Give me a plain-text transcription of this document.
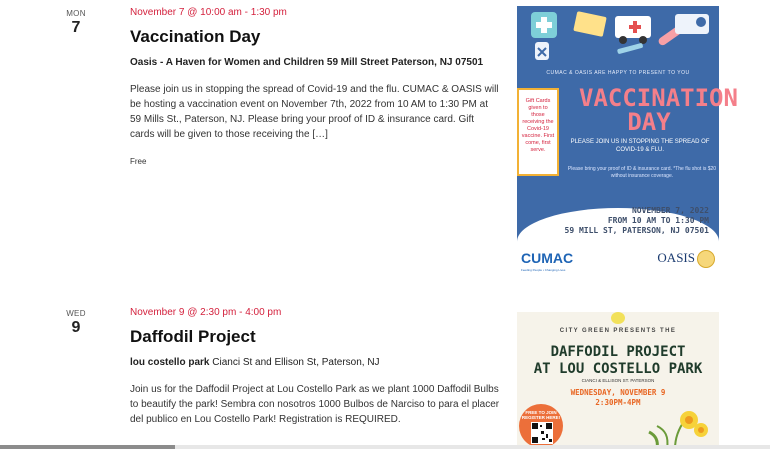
MON
7
November 7 @ 10:00 am - 1:30 pm
Vaccination Day
Oasis - A Haven for Women and Children 59 Mill Street Paterson, NJ 07501
Please join us in stopping the spread of Covid-19 and the flu. CUMAC & OASIS will be hosting a vaccination event on November 7th, 2022 from 10 AM to 1:30 PM at 59 Mills St., Paterson, NJ. Please bring your proof of ID & insurance card. Gift cards will be given to those receiving the […]
Free
CUMAC & OASIS ARE HAPPY TO PRESENT TO YOU
Gift Cards given to those receiving the Covid-19 vaccine. First come, first serve.
VACCINATION DAY
PLEASE JOIN US IN STOPPING THE SPREAD OF COVID-19 & FLU.
Please bring your proof of ID & insurance card. *The flu shot is $20 without insurance coverage.
NOVEMBER 7, 2022
FROM 10 AM TO 1:30 PM
59 MILL ST, PATERSON, NJ 07501
CUMAC
Feeding People • Changing Lives
OASIS
WED
9
November 9 @ 2:30 pm - 4:00 pm
Daffodil Project
lou costello park Cianci St and Ellison St, Paterson, NJ
Join us for the Daffodil Project at Lou Costello Park as we plant 1000 Daffodil Bulbs to beautify the park! Sembra con nosotros 1000 Bulbos de Narciso to para el placer del publico en Lou Costello Park! Registration is REQUIRED.
CITY GREEN PRESENTS THE
DAFFODIL PROJECT
AT LOU COSTELLO PARK
CIANCI & ELLISON ST. PATERSON
WEDNESDAY, NOVEMBER 9
2:30PM-4PM
FREE TO JOIN REGISTER HERE!
